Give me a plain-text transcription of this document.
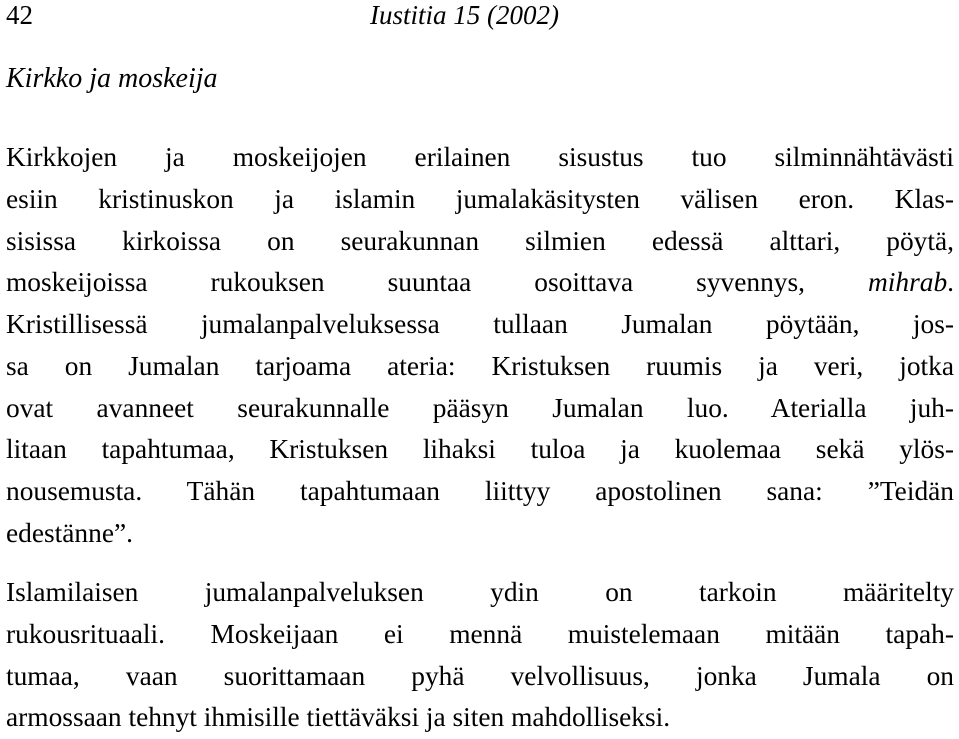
42	Iustitia 15 (2002)
Kirkko ja moskeija

Kirkkojen ja moskeijojen erilainen sisustus tuo silminnähtävästi
esiin kristinuskon ja islamin jumalakäsitysten välisen eron. Klas-
sisissa kirkoissa on seurakunnan silmien edessä alttari, pöytä,
moskeijoissa rukouksen suuntaa osoittava syvennys, mihrab.
Kristillisessä jumalanpalveluksessa tullaan Jumalan pöytään, jos-
sa on Jumalan tarjoama ateria: Kristuksen ruumis ja veri, jotka
ovat avanneet seurakunnalle pääsyn Jumalan luo. Aterialla juh-
litaan tapahtumaa, Kristuksen lihaksi tuloa ja kuolemaa sekä ylös-
nousemusta. Tähän tapahtumaan liittyy apostolinen sana: ”Teidän
edestänne”.

Islamilaisen jumalanpalveluksen ydin on tarkoin määritelty
rukousrituaali. Moskeijaan ei mennä muistelemaan mitään tapah-
tumaa, vaan suorittamaan pyhä velvollisuus, jonka Jumala on
armossaan tehnyt ihmisille tiettäväksi ja siten mahdolliseksi.
